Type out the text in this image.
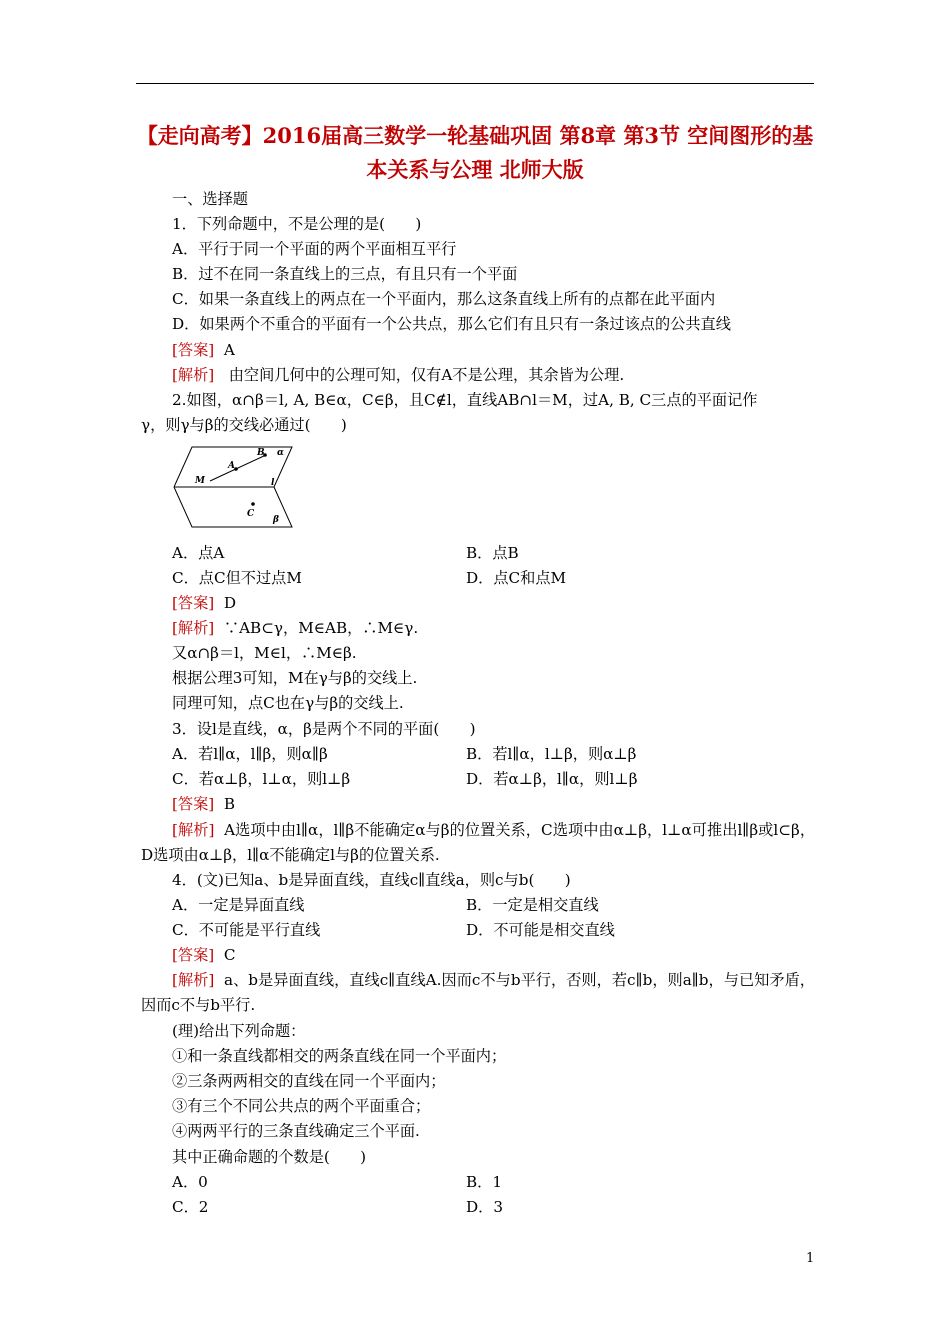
【走向高考】2016届高三数学一轮基础巩固 第8章 第3节 空间图形的基本关系与公理 北师大版
一、选择题
1．下列命题中，不是公理的是(　　)
A．平行于同一个平面的两个平面相互平行
B．过不在同一条直线上的三点，有且只有一个平面
C．如果一条直线上的两点在一个平面内，那么这条直线上所有的点都在此平面内
D．如果两个不重合的平面有一个公共点，那么它们有且只有一条过该点的公共直线
[答案] A
[解析] 由空间几何中的公理可知，仅有A不是公理，其余皆为公理.
2.如图，α∩β＝l, A, B∈α，C∈β，且C∉l，直线AB∩l＝M，过A, B, C三点的平面记作
γ，则γ与β的交线必通过(　　)
M
A
B α
l
C
β
A．点A	B．点B
C．点C但不过点M	D．点C和点M
[答案] D
[解析] ∵AB⊂γ，M∈AB，∴M∈γ.
又α∩β＝l，M∈l，∴M∈β.
根据公理3可知，M在γ与β的交线上.
同理可知，点C也在γ与β的交线上.
3．设l是直线，α，β是两个不同的平面(　　)
A．若l∥α，l∥β，则α∥β	B．若l∥α，l⊥β，则α⊥β
C．若α⊥β，l⊥α，则l⊥β	D．若α⊥β，l∥α，则l⊥β
[答案] B
[解析] A选项中由l∥α，l∥β不能确定α与β的位置关系，C选项中由α⊥β，l⊥α可推出l∥β或l⊂β，D选项由α⊥β，l∥α不能确定l与β的位置关系.
4．(文)已知a、b是异面直线，直线c∥直线a，则c与b(　　)
A．一定是异面直线	B．一定是相交直线
C．不可能是平行直线	D．不可能是相交直线
[答案] C
[解析] a、b是异面直线，直线c∥直线A.因而c不与b平行，否则，若c∥b，则a∥b，与已知矛盾，因而c不与b平行.
(理)给出下列命题：
①和一条直线都相交的两条直线在同一个平面内；
②三条两两相交的直线在同一个平面内；
③有三个不同公共点的两个平面重合；
④两两平行的三条直线确定三个平面.
其中正确命题的个数是(　　)
A．0	B．1
C．2	D．3
1
